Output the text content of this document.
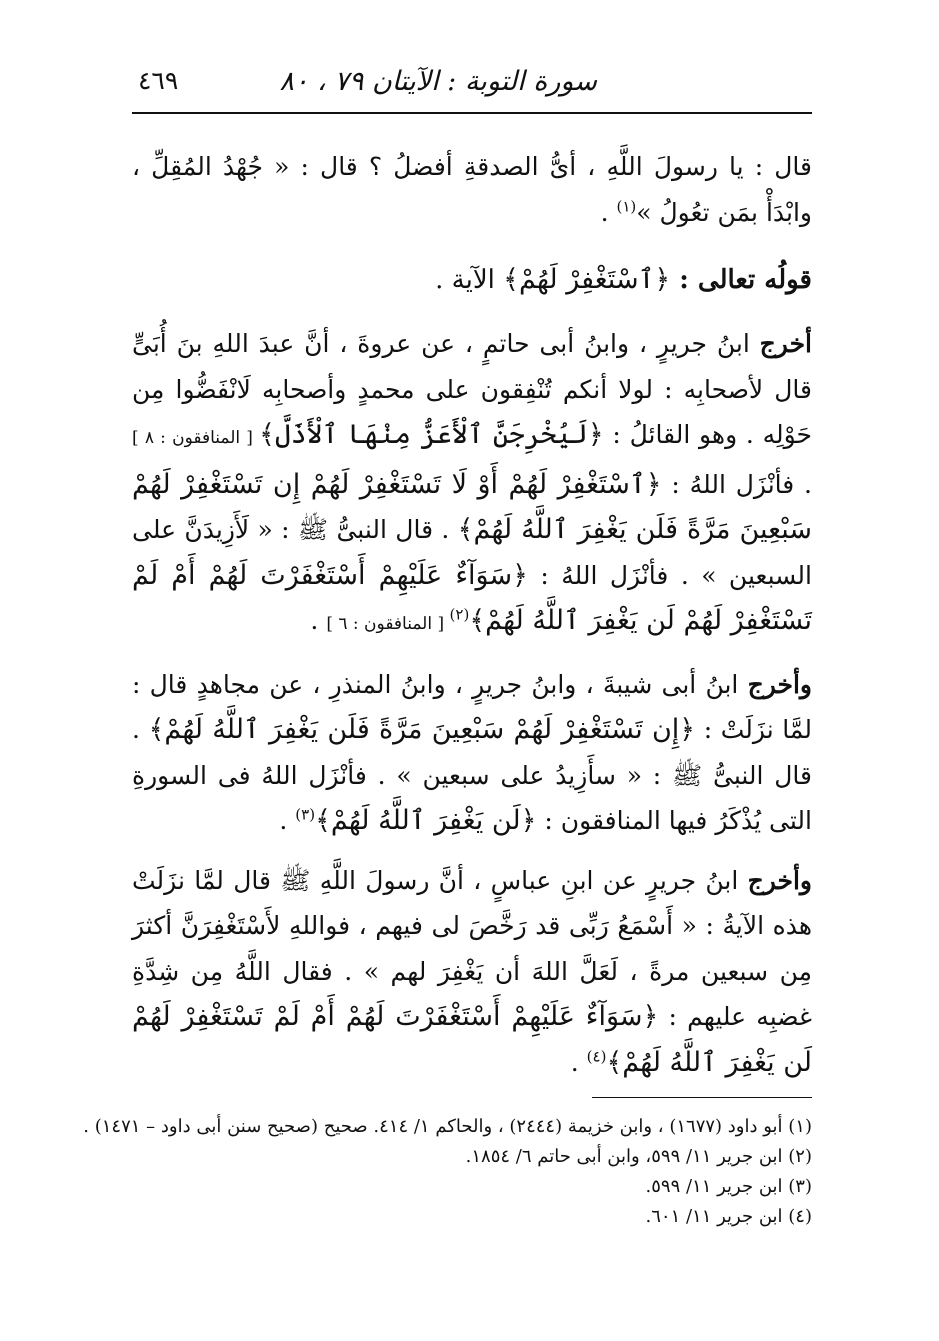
سورة التوبة : الآيتان ٧٩ ، ٨٠
٤٦٩

قال : يا رسولَ اللَّهِ ، أىُّ الصدقةِ أفضلُ ؟ قال : « جُهْدُ المُقِلِّ ، وابْدَأْ بمَن تعُولُ »$^{(١)}$ .

قولُه تعالى : ﴿ٱسْتَغْفِرْ لَهُمْ﴾ الآية .

أخرج ابنُ جريرٍ ، وابنُ أبى حاتمٍ ، عن عروةَ ، أنَّ عبدَ اللهِ بنَ أُبَىٍّ قال لأصحابِه : لولا أنكم تُنْفِقون على محمدٍ وأصحابِه لَانْفَضُّوا مِن حَوْلِه . وهو القائلُ : ﴿لَيُخْرِجَنَّ ٱلْأَعَزُّ مِنْهَا ٱلْأَذَلَّ﴾ [ المنافقون : ٨ ] . فأنْزَل اللهُ : ﴿ٱسْتَغْفِرْ لَهُمْ أَوْ لَا تَسْتَغْفِرْ لَهُمْ إِن تَسْتَغْفِرْ لَهُمْ سَبْعِينَ مَرَّةً فَلَن يَغْفِرَ ٱللَّهُ لَهُمْ﴾ . قال النبىُّ ﷺ : « لَأَزِيدَنَّ على السبعين » . فأنْزَل اللهُ : ﴿سَوَآءٌ عَلَيْهِمْ أَسْتَغْفَرْتَ لَهُمْ أَمْ لَمْ تَسْتَغْفِرْ لَهُمْ لَن يَغْفِرَ ٱللَّهُ لَهُمْ﴾$^{(٢)}$ [ المنافقون : ٦ ] .

وأخرج ابنُ أبى شيبةَ ، وابنُ جريرٍ ، وابنُ المنذرِ ، عن مجاهدٍ قال : لمَّا نزَلَتْ : ﴿إِن تَسْتَغْفِرْ لَهُمْ سَبْعِينَ مَرَّةً فَلَن يَغْفِرَ ٱللَّهُ لَهُمْ﴾ . قال النبىُّ ﷺ : « سأَزِيدُ على سبعين » . فأنْزَل اللهُ فى السورةِ التى يُذْكَرُ فيها المنافقون : ﴿لَن يَغْفِرَ ٱللَّهُ لَهُمْ﴾$^{(٣)}$ .

وأخرج ابنُ جريرٍ عن ابنِ عباسٍ ، أنَّ رسولَ اللَّهِ ﷺ قال لمَّا نزَلَتْ هذه الآيةُ : « أَسْمَعُ رَبِّى قد رَخَّصَ لى فيهم ، فواللهِ لأَسْتَغْفِرَنَّ أكثرَ مِن سبعين مرةً ، لَعَلَّ اللهَ أن يَغْفِرَ لهم » . فقال اللَّهُ مِن شِدَّةِ غضبِه عليهم : ﴿سَوَآءٌ عَلَيْهِمْ أَسْتَغْفَرْتَ لَهُمْ أَمْ لَمْ تَسْتَغْفِرْ لَهُمْ لَن يَغْفِرَ ٱللَّهُ لَهُمْ﴾$^{(٤)}$ .

(١) أبو داود (١٦٧٧) ، وابن خزيمة (٢٤٤٤) ، والحاكم ١/ ٤١٤. صحيح (صحيح سنن أبى داود – ١٤٧١) .
(٢) ابن جرير ١١/ ٥٩٩، وابن أبى حاتم ٦/ ١٨٥٤.
(٣) ابن جرير ١١/ ٥٩٩.
(٤) ابن جرير ١١/ ٦٠١.
